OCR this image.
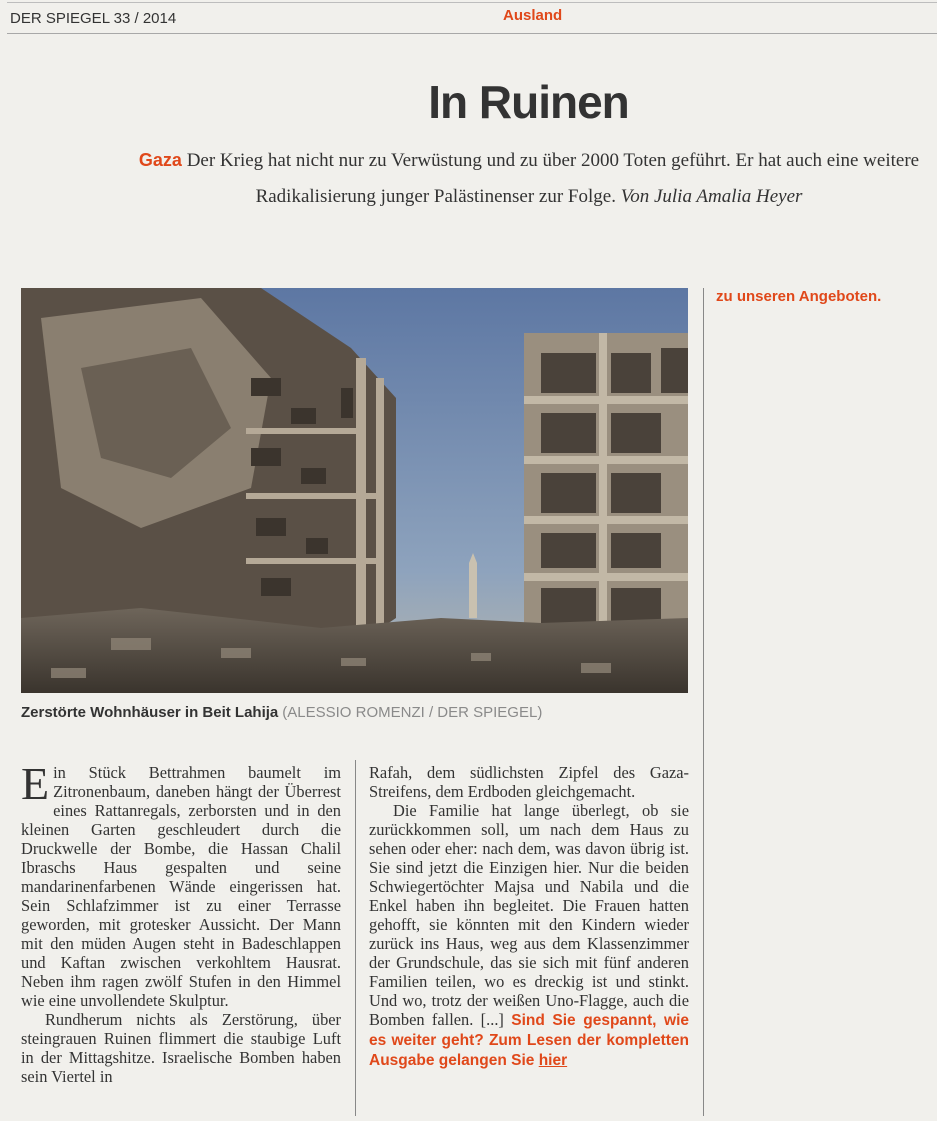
DER SPIEGEL 33 / 2014	Ausland
In Ruinen
Gaza Der Krieg hat nicht nur zu Verwüstung und zu über 2000 Toten geführt. Er hat auch eine weitere Radikalisierung junger Palästinenser zur Folge. Von Julia Amalia Heyer
Zerstörte Wohnhäuser in Beit Lahija (ALESSIO ROMENZI / DER SPIEGEL)
zu unseren Angeboten.

Ein Stück Bettrahmen baumelt im Zitronenbaum, daneben hängt der Überrest eines Rattanregals, zerborsten und in den kleinen Garten geschleudert durch die Druckwelle der Bombe, die Hassan Chalil Ibraschs Haus gespalten und seine mandarinenfarbenen Wände eingerissen hat. Sein Schlafzimmer ist zu einer Terrasse geworden, mit grotesker Aussicht. Der Mann mit den müden Augen steht in Badeschlappen und Kaftan zwischen verkohltem Hausrat. Neben ihm ragen zwölf Stufen in den Himmel wie eine unvollendete Skulptur.

Rundherum nichts als Zerstörung, über steingrauen Ruinen flimmert die staubige Luft in der Mittagshitze. Israelische Bomben haben sein Viertel in

Rafah, dem südlichsten Zipfel des Gaza-Streifens, dem Erdboden gleichgemacht.

Die Familie hat lange überlegt, ob sie zurückkommen soll, um nach dem Haus zu sehen oder eher: nach dem, was davon übrig ist. Sie sind jetzt die Einzigen hier. Nur die beiden Schwiegertöchter Majsa und Nabila und die Enkel haben ihn begleitet. Die Frauen hatten gehofft, sie könnten mit den Kindern wieder zurück ins Haus, weg aus dem Klassenzimmer der Grundschule, das sie sich mit fünf anderen Familien teilen, wo es dreckig ist und stinkt. Und wo, trotz der weißen Uno-Flagge, auch die Bomben fallen. [...] Sind Sie gespannt, wie es weiter geht? Zum Lesen der kompletten Ausgabe gelangen Sie hier
